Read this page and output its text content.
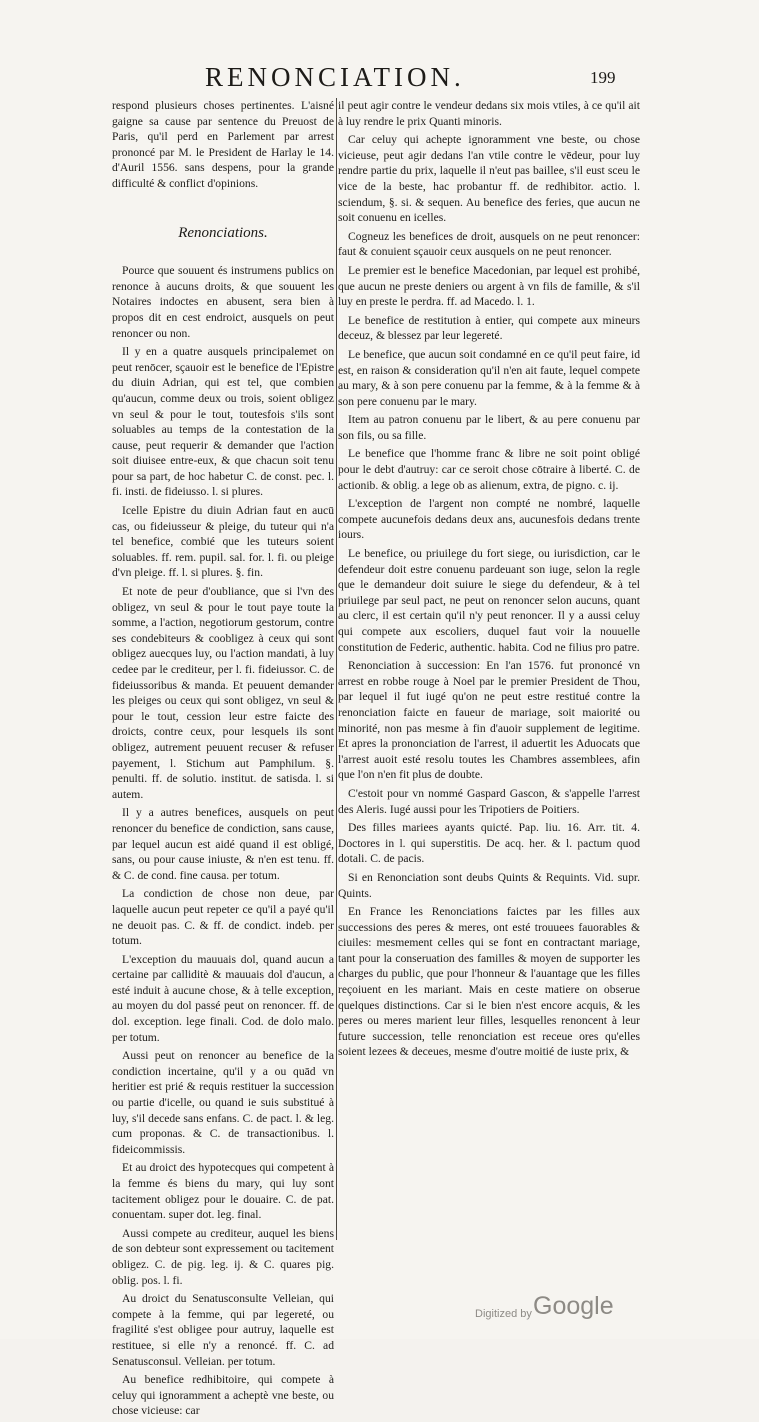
RENONCIATION.	199

respond plusieurs choses pertinentes. L'aisné gaigne sa cause par sentence du Preuost de Paris, qu'il perd en Parlement par arrest prononcé par M. le President de Harlay le 14. d'Auril 1556. sans despens, pour la grande difficulté & conflict d'opinions.

Renonciations.

Pource que souuent és instrumens publics on renonce à aucuns droits, & que souuent les Notaires indoctes en abusent, sera bien à propos dit en cest endroict, ausquels on peut renoncer ou non.

Il y en a quatre ausquels principalemet on peut renōcer, sçauoir est le benefice de l'Epistre du diuin Adrian, qui est tel, que combien qu'aucun, comme deux ou trois, soient obligez vn seul & pour le tout, toutesfois s'ils sont soluables au temps de la contestation de la cause, peut requerir & demander que l'action soit diuisee entre-eux, & que chacun soit tenu pour sa part, de hoc habetur C. de const. pec. l. fi. insti. de fideiusso. l. si plures.

Icelle Epistre du diuin Adrian faut en aucū cas, ou fideiusseur & pleige, du tuteur qui n'a tel benefice, combié que les tuteurs soient soluables. ff. rem. pupil. sal. for. l. fi. ou pleige d'vn pleige. ff. l. si plures. §. fin.

Et note de peur d'oubliance, que si l'vn des obligez, vn seul & pour le tout paye toute la somme, a l'action, negotiorum gestorum, contre ses condebiteurs & coobligez à ceux qui sont obligez auecques luy, ou l'action mandati, à luy cedee par le crediteur, per l. fi. fideiussor. C. de fideiussoribus & manda. Et peuuent demander les pleiges ou ceux qui sont obligez, vn seul & pour le tout, cession leur estre faicte des droicts, contre ceux, pour lesquels ils sont obligez, autrement peuuent recuser & refuser payement, l. Stichum aut Pamphilum. §. penulti. ff. de solutio. institut. de satisda. l. si autem.

Il y a autres benefices, ausquels on peut renoncer du benefice de condiction, sans cause, par lequel aucun est aidé quand il est obligé, sans, ou pour cause iniuste, & n'en est tenu. ff. & C. de cond. fine causa. per totum.

La condiction de chose non deue, par laquelle aucun peut repeter ce qu'il a payé qu'il ne deuoit pas. C. & ff. de condict. indeb. per totum.

L'exception du mauuais dol, quand aucun a certaine par calliditè & mauuais dol d'aucun, a esté induit à aucune chose, & à telle exception, au moyen du dol passé peut on renoncer. ff. de dol. exception. lege finali. Cod. de dolo malo. per totum.

Aussi peut on renoncer au benefice de la condiction incertaine, qu'il y a ou quād vn heritier est prié & requis restituer la succession ou partie d'icelle, ou quand ie suis substitué à luy, s'il decede sans enfans. C. de pact. l. & leg. cum proponas. & C. de transactionibus. l. fideicommissis.

Et au droict des hypotecques qui competent à la femme és biens du mary, qui luy sont tacitement obligez pour le douaire. C. de pat. conuentam. super dot. leg. final.

Aussi compete au crediteur, auquel les biens de son debteur sont expressement ou tacitement obligez. C. de pig. leg. ij. & C. quares pig. oblig. pos. l. fi.

Au droict du Senatusconsulte Velleian, qui compete à la femme, qui par legereté, ou fragilité s'est obligee pour autruy, laquelle est restituee, si elle n'y a renoncé. ff. C. ad Senatusconsul. Velleian. per totum.

Au benefice redhibitoire, qui compete à celuy qui ignoramment a acheptè vne beste, ou chose vicieuse: car

il peut agir contre le vendeur dedans six mois vtiles, à ce qu'il ait à luy rendre le prix Quanti minoris.

Car celuy qui achepte ignoramment vne beste, ou chose vicieuse, peut agir dedans l'an vtile contre le vēdeur, pour luy rendre partie du prix, laquelle il n'eut pas baillee, s'il eust sceu le vice de la beste, hac probantur ff. de redhibitor. actio. l. sciendum, §. si. & sequen. Au benefice des feries, que aucun ne soit conuenu en icelles.

Cogneuz les benefices de droit, ausquels on ne peut renoncer: faut & conuient sçauoir ceux ausquels on ne peut renoncer.

Le premier est le benefice Macedonian, par lequel est prohibé, que aucun ne preste deniers ou argent à vn fils de famille, & s'il luy en preste le perdra. ff. ad Macedo. l. 1.

Le benefice de restitution à entier, qui compete aux mineurs deceuz, & blessez par leur legereté.

Le benefice, que aucun soit condamné en ce qu'il peut faire, id est, en raison & consideration qu'il n'en ait faute, lequel compete au mary, & à son pere conuenu par la femme, & à la femme & à son pere conuenu par le mary.

Item au patron conuenu par le libert, & au pere conuenu par son fils, ou sa fille.

Le benefice que l'homme franc & libre ne soit point obligé pour le debt d'autruy: car ce seroit chose cōtraire à liberté. C. de actionib. & oblig. a lege ob as alienum, extra, de pigno. c. ij.

L'exception de l'argent non compté ne nombré, laquelle compete aucunefois dedans deux ans, aucunesfois dedans trente iours.

Le benefice, ou priuilege du fort siege, ou iurisdiction, car le defendeur doit estre conuenu pardeuant son iuge, selon la regle que le demandeur doit suiure le siege du defendeur, & à tel priuilege par seul pact, ne peut on renoncer selon aucuns, quant au clerc, il est certain qu'il n'y peut renoncer. Il y a aussi celuy qui compete aux escoliers, duquel faut voir la nouuelle constitution de Federic, authentic. habita. Cod ne filius pro patre.

Renonciation à succession: En l'an 1576. fut prononcé vn arrest en robbe rouge à Noel par le premier President de Thou, par lequel il fut iugé qu'on ne peut estre restitué contre la renonciation faicte en faueur de mariage, soit maiorité ou minorité, non pas mesme à fin d'auoir supplement de legitime. Et apres la prononciation de l'arrest, il aduertit les Aduocats que l'arrest auoit esté resolu toutes les Chambres assemblees, afin que l'on n'en fit plus de doubte.

C'estoit pour vn nommé Gaspard Gascon, & s'appelle l'arrest des Aleris. Iugé aussi pour les Tripotiers de Poitiers.

Des filles mariees ayants quicté. Pap. liu. 16. Arr. tit. 4. Doctores in l. qui superstitis. De acq. her. & l. pactum quod dotali. C. de pacis.

Si en Renonciation sont deubs Quints & Requints. Vid. supr. Quints.

En France les Renonciations faictes par les filles aux successions des peres & meres, ont esté trouuees fauorables & ciuiles: mesmement celles qui se font en contractant mariage, tant pour la conseruation des familles & moyen de supporter les charges du public, que pour l'honneur & l'auantage que les filles reçoiuent en les mariant. Mais en ceste matiere on obserue quelques distinctions. Car si le bien n'est encore acquis, & les peres ou meres marient leur filles, lesquelles renoncent à leur future succession, telle renonciation est receue ores qu'elles soient lezees & deceues, mesme d'outre moitié de iuste prix, &

Digitized by Google
